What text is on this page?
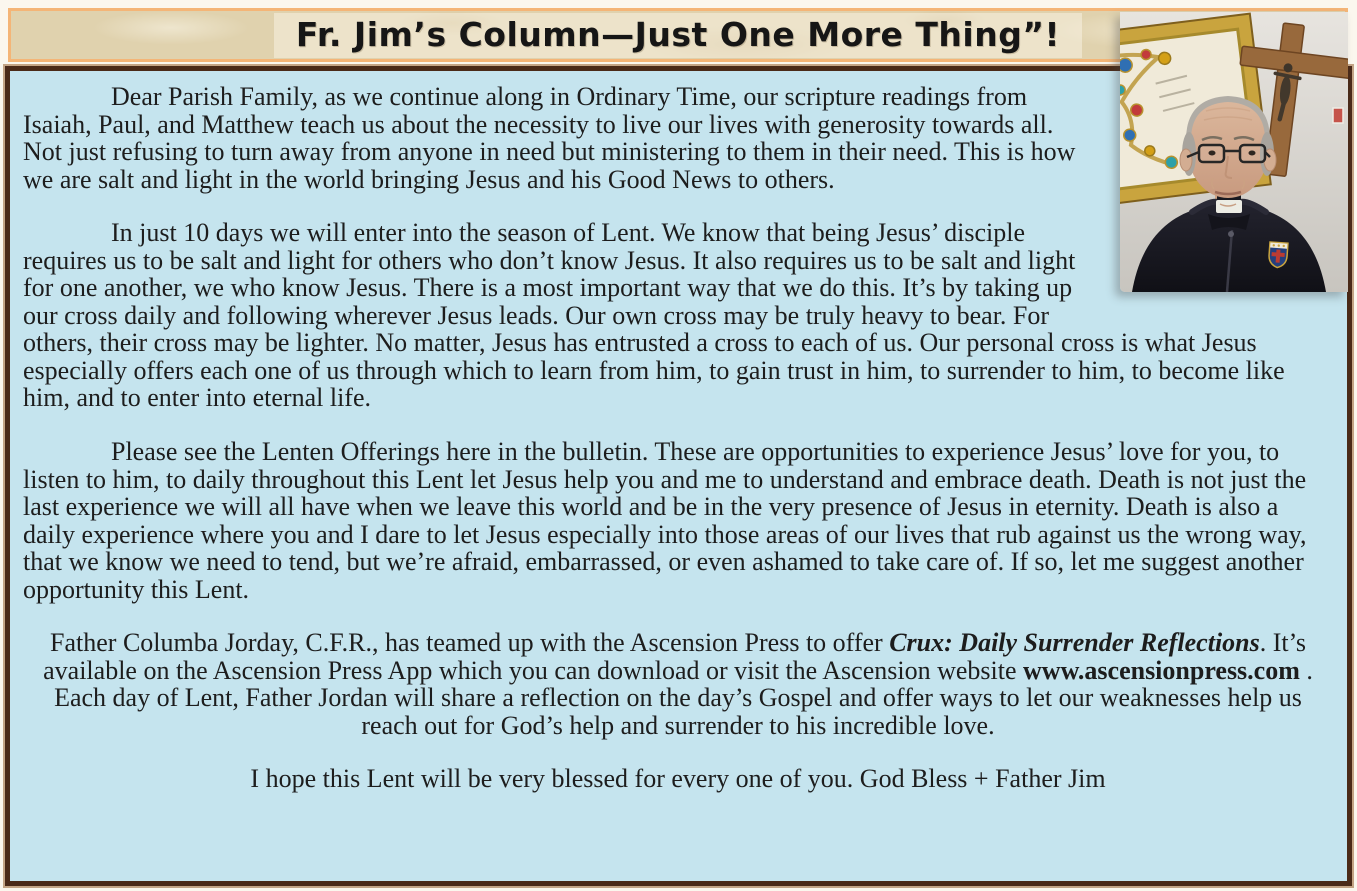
Fr. Jim’s Column—Just One More Thing”!

Dear Parish Family, as we continue along in Ordinary Time, our scripture readings from Isaiah, Paul, and Matthew teach us about the necessity to live our lives with generosity towards all. Not just refusing to turn away from anyone in need but ministering to them in their need. This is how we are salt and light in the world bringing Jesus and his Good News to others.

In just 10 days we will enter into the season of Lent. We know that being Jesus’ disciple requires us to be salt and light for others who don’t know Jesus. It also requires us to be salt and light for one another, we who know Jesus. There is a most important way that we do this. It’s by taking up our cross daily and following wherever Jesus leads. Our own cross may be truly heavy to bear. For others, their cross may be lighter. No matter, Jesus has entrusted a cross to each of us. Our personal cross is what Jesus especially offers each one of us through which to learn from him, to gain trust in him, to surrender to him, to become like him, and to enter into eternal life.

Please see the Lenten Offerings here in the bulletin. These are opportunities to experience Jesus’ love for you, to listen to him, to daily throughout this Lent let Jesus help you and me to understand and embrace death. Death is not just the last experience we will all have when we leave this world and be in the very presence of Jesus in eternity. Death is also a daily experience where you and I dare to let Jesus especially into those areas of our lives that rub against us the wrong way, that we know we need to tend, but we’re afraid, embarrassed, or even ashamed to take care of. If so, let me suggest another opportunity this Lent.

Father Columba Jorday, C.F.R., has teamed up with the Ascension Press to offer Crux: Daily Surrender Reflections. It’s available on the Ascension Press App which you can download or visit the Ascension website www.ascensionpress.com . Each day of Lent, Father Jordan will share a reflection on the day’s Gospel and offer ways to let our weaknesses help us reach out for God’s help and surrender to his incredible love.

I hope this Lent will be very blessed for every one of you. God Bless + Father Jim
